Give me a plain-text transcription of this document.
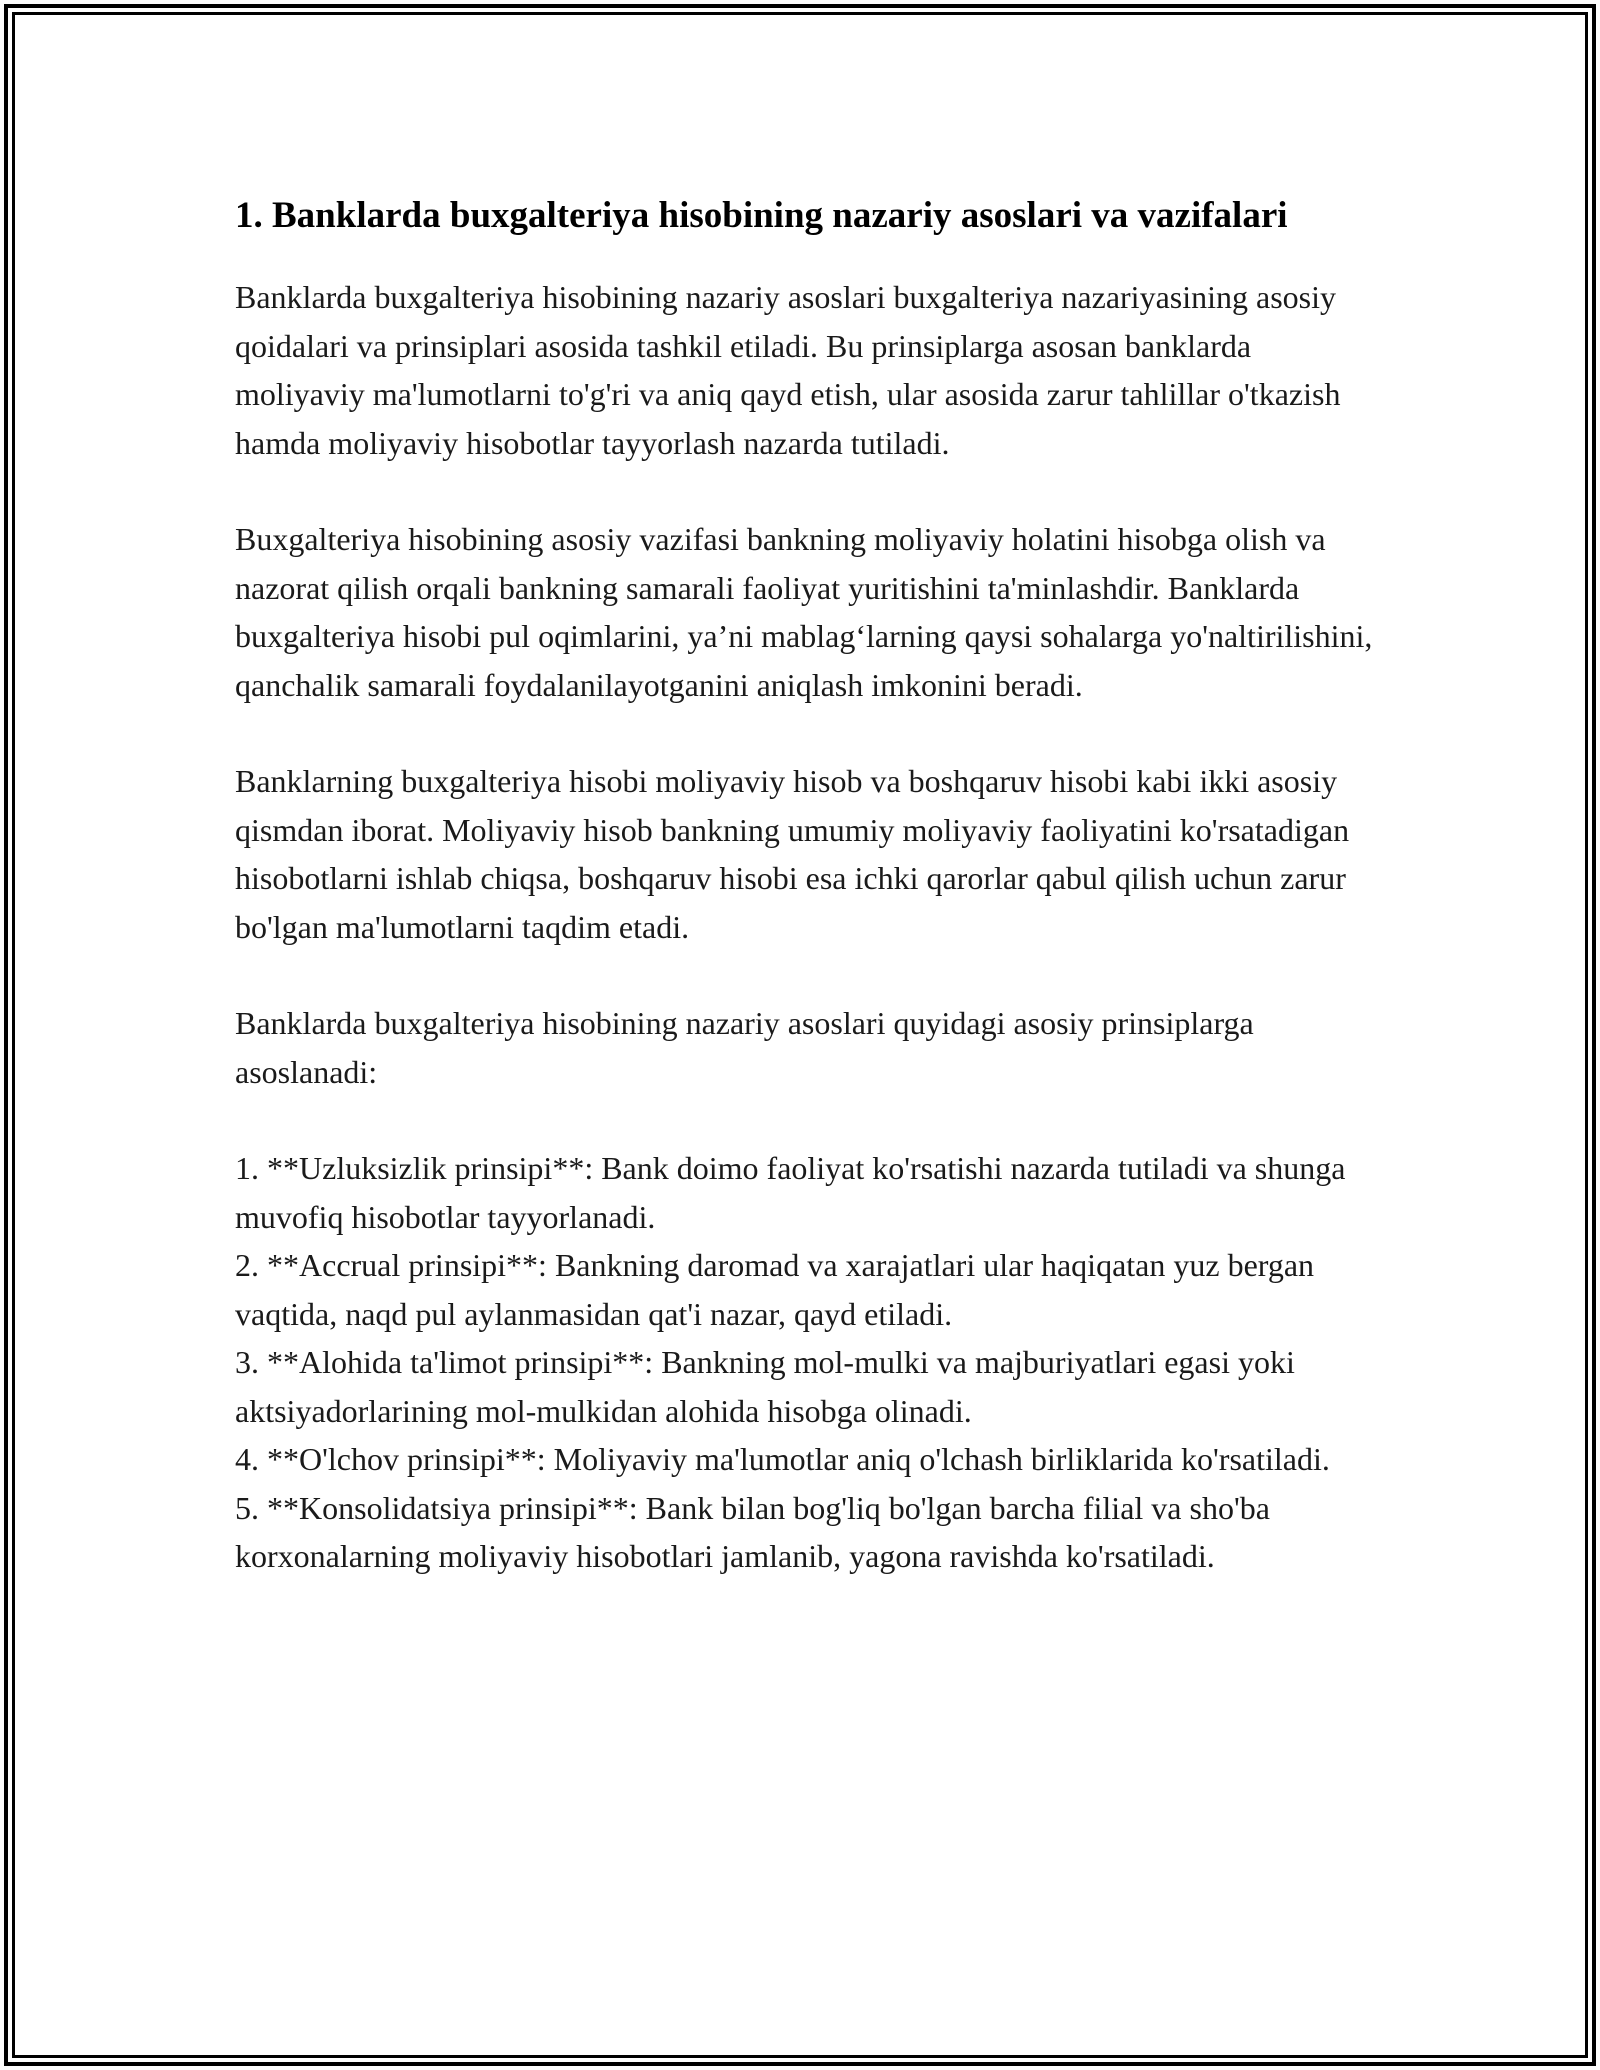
1. Banklarda buxgalteriya hisobining nazariy asoslari va vazifalari

Banklarda buxgalteriya hisobining nazariy asoslari buxgalteriya nazariyasining asosiy qoidalari va prinsiplari asosida tashkil etiladi. Bu prinsiplarga asosan banklarda moliyaviy ma'lumotlarni to'g'ri va aniq qayd etish, ular asosida zarur tahlillar o'tkazish hamda moliyaviy hisobotlar tayyorlash nazarda tutiladi.

Buxgalteriya hisobining asosiy vazifasi bankning moliyaviy holatini hisobga olish va nazorat qilish orqali bankning samarali faoliyat yuritishini ta'minlashdir. Banklarda buxgalteriya hisobi pul oqimlarini, ya’ni mablag‘larning qaysi sohalarga yo'naltirilishini, qanchalik samarali foydalanilayotganini aniqlash imkonini beradi.

Banklarning buxgalteriya hisobi moliyaviy hisob va boshqaruv hisobi kabi ikki asosiy qismdan iborat. Moliyaviy hisob bankning umumiy moliyaviy faoliyatini ko'rsatadigan hisobotlarni ishlab chiqsa, boshqaruv hisobi esa ichki qarorlar qabul qilish uchun zarur bo'lgan ma'lumotlarni taqdim etadi.

Banklarda buxgalteriya hisobining nazariy asoslari quyidagi asosiy prinsiplarga asoslanadi:

1. **Uzluksizlik prinsipi**: Bank doimo faoliyat ko'rsatishi nazarda tutiladi va shunga muvofiq hisobotlar tayyorlanadi.
2. **Accrual prinsipi**: Bankning daromad va xarajatlari ular haqiqatan yuz bergan vaqtida, naqd pul aylanmasidan qat'i nazar, qayd etiladi.
3. **Alohida ta'limot prinsipi**: Bankning mol-mulki va majburiyatlari egasi yoki aktsiyadorlarining mol-mulkidan alohida hisobga olinadi.
4. **O'lchov prinsipi**: Moliyaviy ma'lumotlar aniq o'lchash birliklarida ko'rsatiladi.
5. **Konsolidatsiya prinsipi**: Bank bilan bog'liq bo'lgan barcha filial va sho'ba korxonalarning moliyaviy hisobotlari jamlanib, yagona ravishda ko'rsatiladi.
